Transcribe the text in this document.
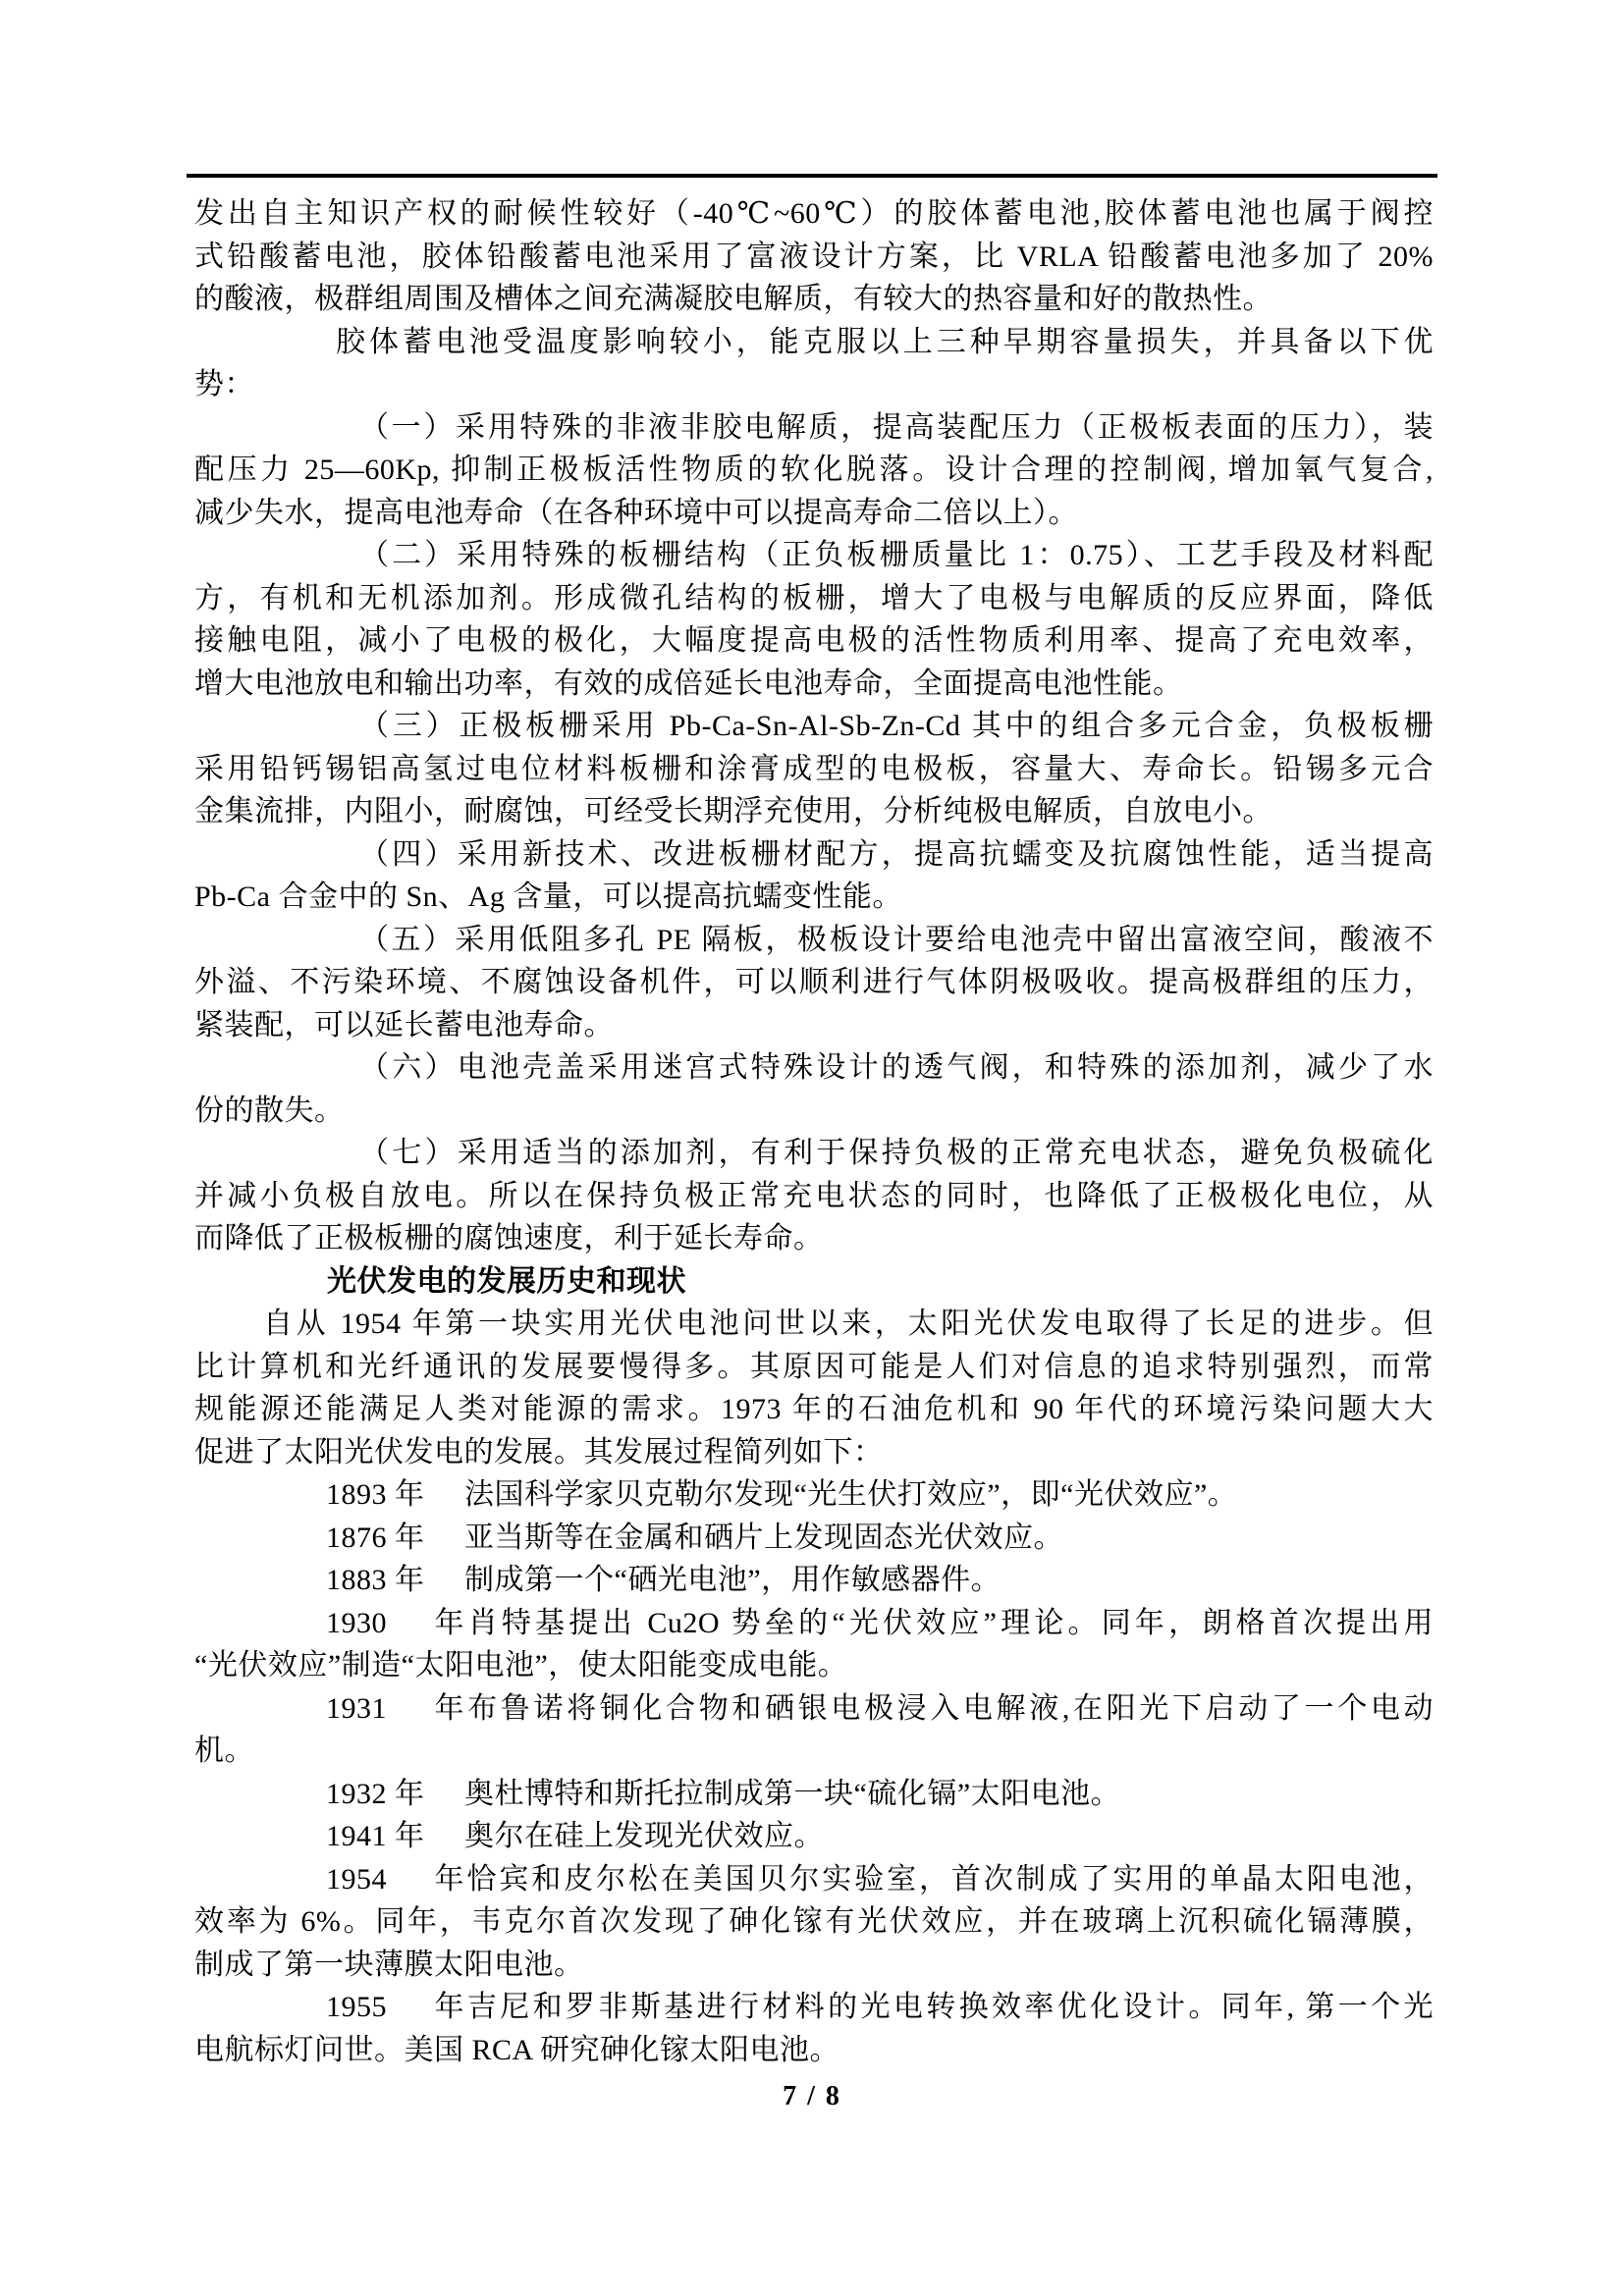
发出自主知识产权的耐候性较好（-40℃~60℃）的胶体蓄电池,胶体蓄电池也属于阀控
式铅酸蓄电池，胶体铅酸蓄电池采用了富液设计方案，比 VRLA 铅酸蓄电池多加了 20%
的酸液，极群组周围及槽体之间充满凝胶电解质，有较大的热容量和好的散热性。
胶体蓄电池受温度影响较小，能克服以上三种早期容量损失，并具备以下优
势：
（一）采用特殊的非液非胶电解质，提高装配压力（正极板表面的压力），装
配压力 25—60Kp, 抑制正极板活性物质的软化脱落。设计合理的控制阀, 增加氧气复合,
减少失水，提高电池寿命（在各种环境中可以提高寿命二倍以上）。
（二）采用特殊的板栅结构（正负板栅质量比 1：0.75）、工艺手段及材料配
方，有机和无机添加剂。形成微孔结构的板栅，增大了电极与电解质的反应界面，降低
接触电阻，减小了电极的极化，大幅度提高电极的活性物质利用率、提高了充电效率，
增大电池放电和输出功率，有效的成倍延长电池寿命，全面提高电池性能。
（三）正极板栅采用 Pb-Ca-Sn-Al-Sb-Zn-Cd 其中的组合多元合金，负极板栅
采用铅钙锡铝高氢过电位材料板栅和涂膏成型的电极板，容量大、寿命长。铅锡多元合
金集流排，内阻小，耐腐蚀，可经受长期浮充使用，分析纯极电解质，自放电小。
（四）采用新技术、改进板栅材配方，提高抗蠕变及抗腐蚀性能，适当提高
Pb-Ca 合金中的 Sn、Ag 含量，可以提高抗蠕变性能。
（五）采用低阻多孔 PE 隔板，极板设计要给电池壳中留出富液空间，酸液不
外溢、不污染环境、不腐蚀设备机件，可以顺利进行气体阴极吸收。提高极群组的压力，
紧装配，可以延长蓄电池寿命。
（六）电池壳盖采用迷宫式特殊设计的透气阀，和特殊的添加剂，减少了水
份的散失。
（七）采用适当的添加剂，有利于保持负极的正常充电状态，避免负极硫化
并减小负极自放电。所以在保持负极正常充电状态的同时，也降低了正极极化电位，从
而降低了正极板栅的腐蚀速度，利于延长寿命。
光伏发电的发展历史和现状
自从 1954 年第一块实用光伏电池问世以来，太阳光伏发电取得了长足的进步。但
比计算机和光纤通讯的发展要慢得多。其原因可能是人们对信息的追求特别强烈，而常
规能源还能满足人类对能源的需求。1973 年的石油危机和 90 年代的环境污染问题大大
促进了太阳光伏发电的发展。其发展过程简列如下：
1893 年 法国科学家贝克勒尔发现“光生伏打效应”，即“光伏效应”。
1876 年 亚当斯等在金属和硒片上发现固态光伏效应。
1883 年 制成第一个“硒光电池”，用作敏感器件。
1930 年肖特基提出 Cu2O 势垒的“光伏效应”理论。同年，朗格首次提出用
“光伏效应”制造“太阳电池”，使太阳能变成电能。
1931 年布鲁诺将铜化合物和硒银电极浸入电解液,在阳光下启动了一个电动
机。
1932 年 奥杜博特和斯托拉制成第一块“硫化镉”太阳电池。
1941 年 奥尔在硅上发现光伏效应。
1954 年恰宾和皮尔松在美国贝尔实验室，首次制成了实用的单晶太阳电池，
效率为 6%。同年，韦克尔首次发现了砷化镓有光伏效应，并在玻璃上沉积硫化镉薄膜，
制成了第一块薄膜太阳电池。
1955 年吉尼和罗非斯基进行材料的光电转换效率优化设计。同年, 第一个光
电航标灯问世。美国 RCA 研究砷化镓太阳电池。
7 / 8
